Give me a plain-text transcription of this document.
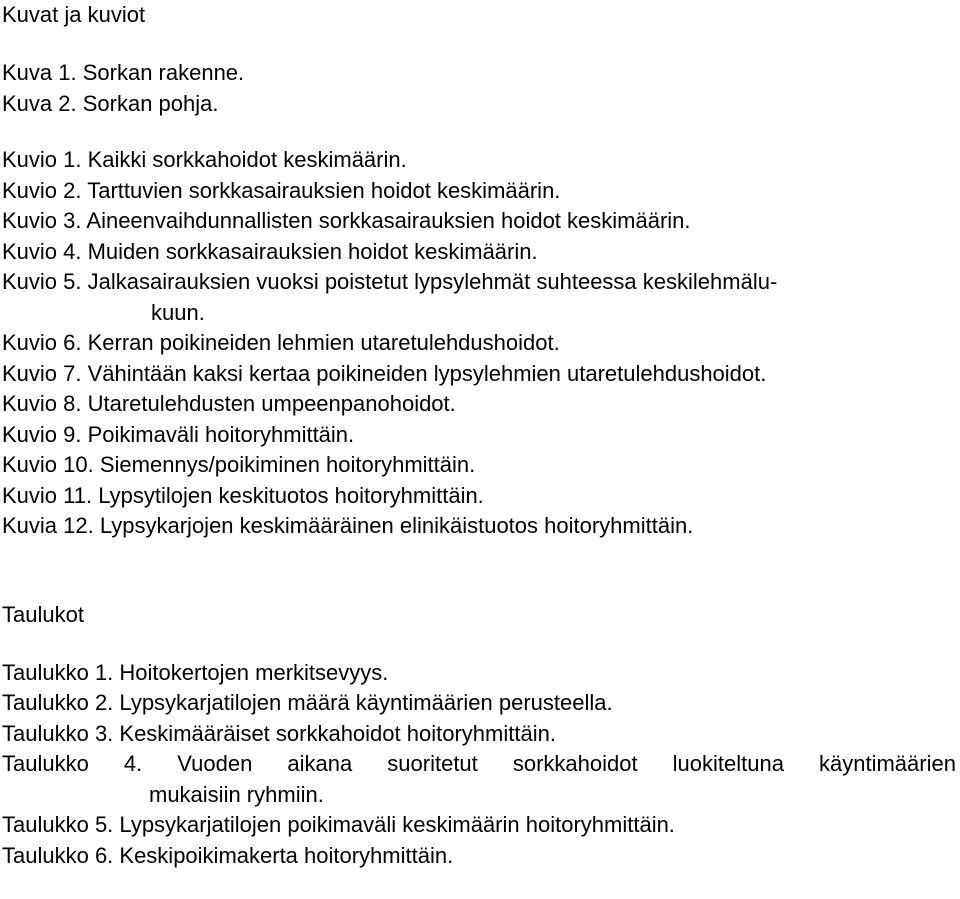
Kuvat ja kuviot
Kuva 1. Sorkan rakenne.
Kuva 2. Sorkan pohja.
Kuvio 1. Kaikki sorkkahoidot keskimäärin.
Kuvio 2. Tarttuvien sorkkasairauksien hoidot keskimäärin.
Kuvio 3. Aineenvaihdunnallisten sorkkasairauksien hoidot keskimäärin.
Kuvio 4. Muiden sorkkasairauksien hoidot keskimäärin.
Kuvio 5. Jalkasairauksien vuoksi poistetut lypsylehmät suhteessa keskilehmälu-
kuun.
Kuvio 6. Kerran poikineiden lehmien utaretulehdushoidot.
Kuvio 7. Vähintään kaksi kertaa poikineiden lypsylehmien utaretulehdushoidot.
Kuvio 8. Utaretulehdusten umpeenpanohoidot.
Kuvio 9. Poikimaväli hoitoryhmittäin.
Kuvio 10. Siemennys/poikiminen hoitoryhmittäin.
Kuvio 11. Lypsytilojen keskituotos hoitoryhmittäin.
Kuvia 12. Lypsykarjojen keskimääräinen elinikäistuotos hoitoryhmittäin.
Taulukot
Taulukko 1. Hoitokertojen merkitsevyys.
Taulukko 2. Lypsykarjatilojen määrä käyntimäärien perusteella.
Taulukko 3. Keskimääräiset sorkkahoidot hoitoryhmittäin.
Taulukko 4. Vuoden aikana suoritetut sorkkahoidot luokiteltuna käyntimäärien
mukaisiin ryhmiin.
Taulukko 5. Lypsykarjatilojen poikimaväli keskimäärin hoitoryhmittäin.
Taulukko 6. Keskipoikimakerta hoitoryhmittäin.
